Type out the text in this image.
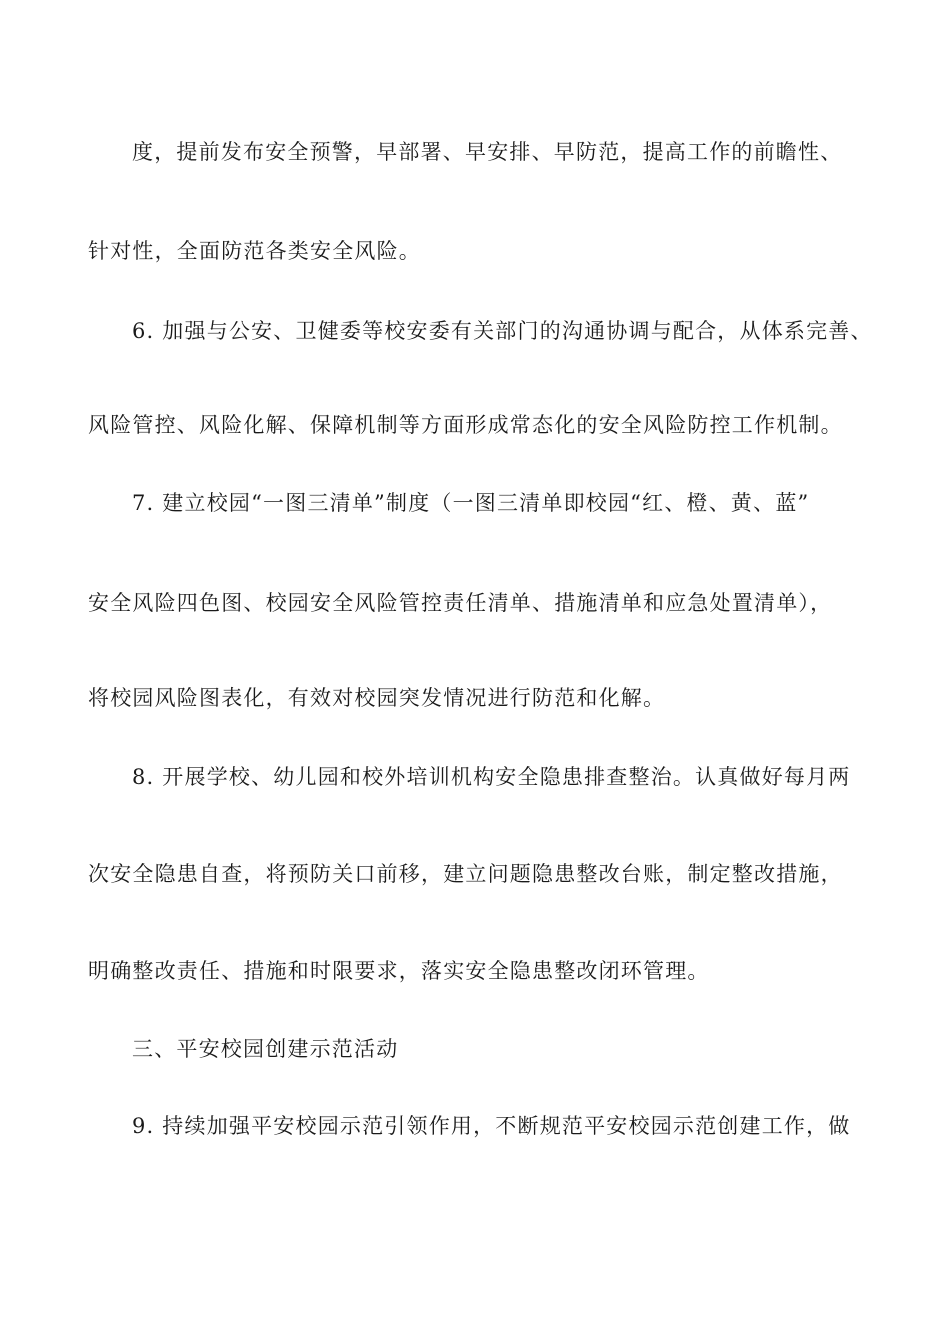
度，提前发布安全预警，早部署、早安排、早防范，提高工作的前瞻性、
针对性，全面防范各类安全风险。
6. 加强与公安、卫健委等校安委有关部门的沟通协调与配合，从体系完善、
风险管控、风险化解、保障机制等方面形成常态化的安全风险防控工作机制。
7. 建立校园“一图三清单”制度（一图三清单即校园“红、橙、黄、蓝”
安全风险四色图、校园安全风险管控责任清单、措施清单和应急处置清单），
将校园风险图表化，有效对校园突发情况进行防范和化解。
8. 开展学校、幼儿园和校外培训机构安全隐患排查整治。认真做好每月两
次安全隐患自查，将预防关口前移，建立问题隐患整改台账，制定整改措施，
明确整改责任、措施和时限要求，落实安全隐患整改闭环管理。
三、平安校园创建示范活动
9. 持续加强平安校园示范引领作用，不断规范平安校园示范创建工作，做
